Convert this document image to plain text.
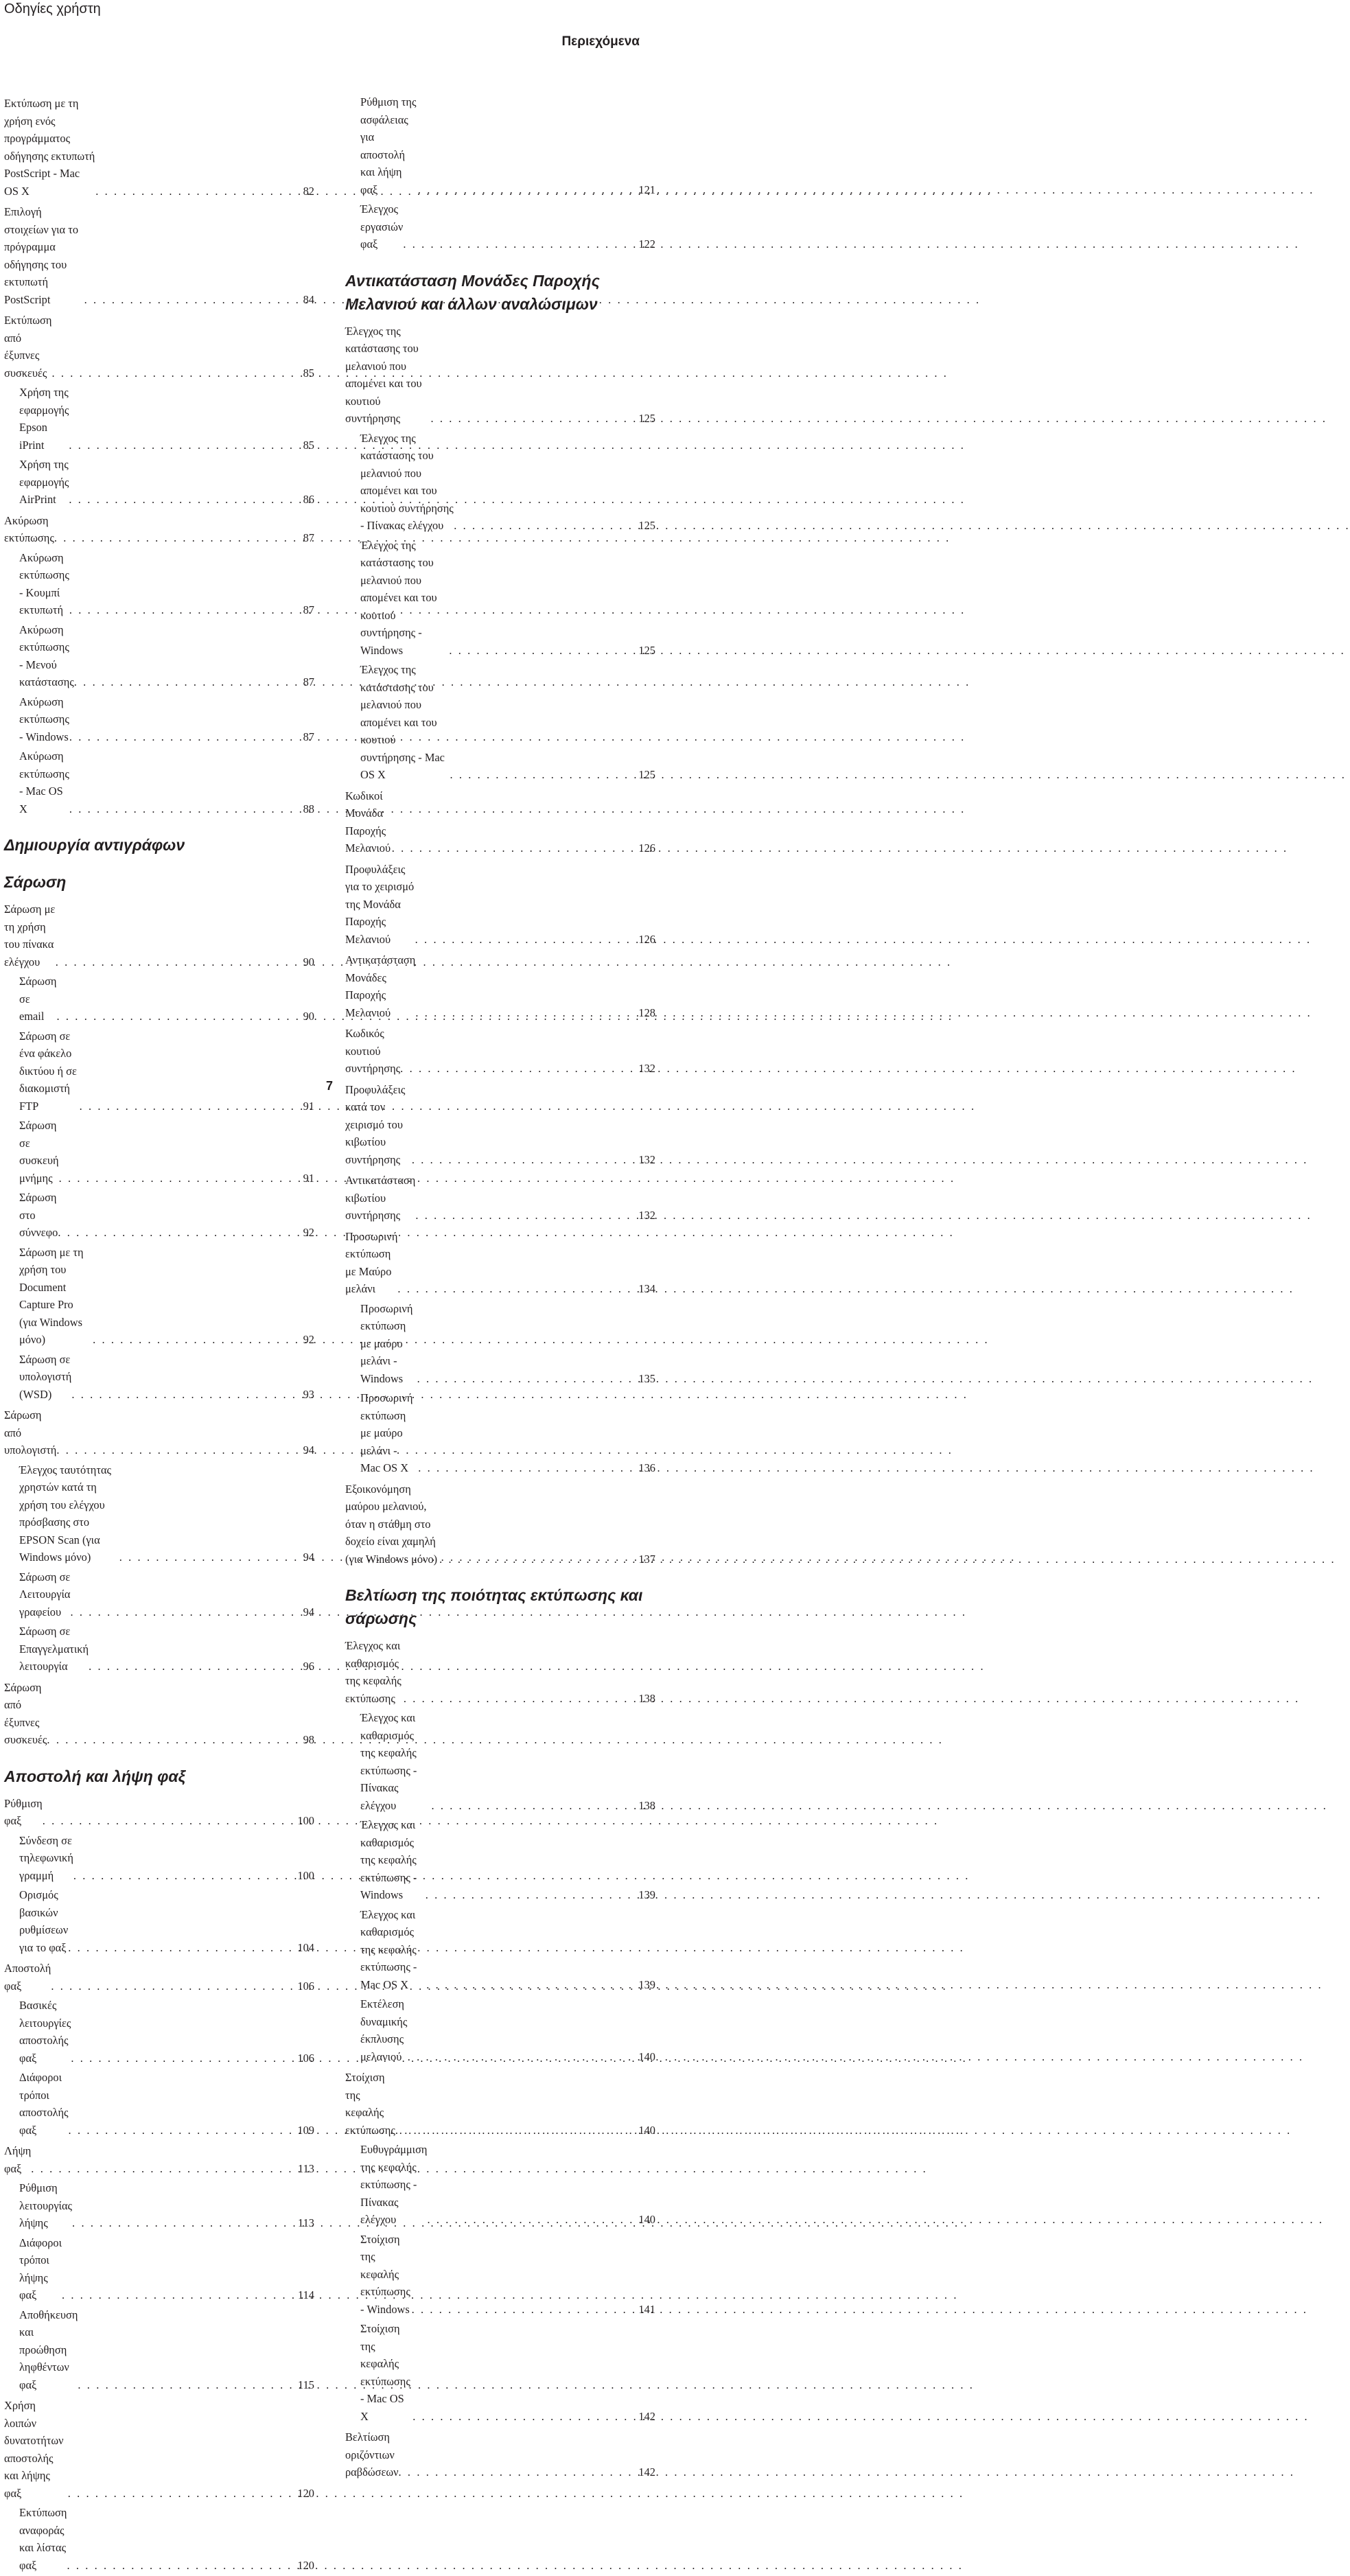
Οδηγίες χρήστη
Περιεχόμενα
Εκτύπωση με τη χρήση ενός προγράμματος οδήγησης εκτυπωτή PostScript - Mac OS X . . .	82
Επιλογή στοιχείων για το πρόγραμμα οδήγησης του εκτυπωτή PostScript . . .	84
Εκτύπωση από έξυπνες συσκευές . . .	85
Χρήση της εφαρμογής Epson iPrint . . .	85
Χρήση της εφαρμογής AirPrint . . .	86
Ακύρωση εκτύπωσης . . .	87
Ακύρωση εκτύπωσης - Κουμπί εκτυπωτή . . .	87
Ακύρωση εκτύπωσης - Μενού κατάστασης . . .	87
Ακύρωση εκτύπωσης - Windows . . .	87
Ακύρωση εκτύπωσης - Mac OS X . . .	88
Δημιουργία αντιγράφων
Σάρωση
Σάρωση με τη χρήση του πίνακα ελέγχου . . .	90
Σάρωση σε email . . .	90
Σάρωση σε ένα φάκελο δικτύου ή σε διακομιστή FTP . . .	91
Σάρωση σε συσκευή μνήμης . . .	91
Σάρωση στο σύννεφο . . .	92
Σάρωση με τη χρήση του Document Capture Pro (για Windows μόνο) . . .	92
Σάρωση σε υπολογιστή (WSD) . . .	93
Σάρωση από υπολογιστή . . .	94
Έλεγχος ταυτότητας χρηστών κατά τη χρήση του ελέγχου πρόσβασης στο EPSON Scan (για Windows μόνο) . . .	94
Σάρωση σε Λειτουργία γραφείου . . .	94
Σάρωση σε Επαγγελματική λειτουργία . . .	96
Σάρωση από έξυπνες συσκευές . . .	98
Αποστολή και λήψη φαξ
Ρύθμιση φαξ . . .	100
Σύνδεση σε τηλεφωνική γραμμή . . .	100
Ορισμός βασικών ρυθμίσεων για το φαξ . . .	104
Αποστολή φαξ . . .	106
Βασικές λειτουργίες αποστολής φαξ . . .	106
Διάφοροι τρόποι αποστολής φαξ . . .	109
Λήψη φαξ . . .	113
Ρύθμιση λειτουργίας λήψης . . .	113
Διάφοροι τρόποι λήψης φαξ . . .	114
Αποθήκευση και προώθηση ληφθέντων φαξ . . .	115
Χρήση λοιπών δυνατοτήτων αποστολής και λήψης φαξ . . .	120
Εκτύπωση αναφοράς και λίστας φαξ . . .	120
Ρύθμιση της ασφάλειας για αποστολή και λήψη φαξ . . .	121
Έλεγχος εργασιών φαξ . . .	122
Αντικατάσταση Μονάδες Παροχής Μελανιού και άλλων αναλώσιμων
Έλεγχος της κατάστασης του μελανιού που απομένει και του κουτιού συντήρησης . . .	125
Έλεγχος της κατάστασης του μελανιού που απομένει και του κουτιού συντήρησης - Πίνακας ελέγχου . . .	125
Έλεγχος της κατάστασης του μελανιού που απομένει και του κουτιού συντήρησης - Windows . . .	125
Έλεγχος της κατάστασης του μελανιού που απομένει και του κουτιού συντήρησης - Mac OS X . . .	125
Κωδικοί Μονάδα Παροχής Μελανιού . . .	126
Προφυλάξεις για το χειρισμό της Μονάδα Παροχής Μελανιού . . .	126
Αντικατάσταση Μονάδες Παροχής Μελανιού . . .	128
Κωδικός κουτιού συντήρησης . . .	132
Προφυλάξεις κατά τον χειρισμό του κιβωτίου συντήρησης . . .	132
Αντικατάσταση κιβωτίου συντήρησης . . .	132
Προσωρινή εκτύπωση με Μαύρο μελάνι . . .	134
Προσωρινή εκτύπωση με μαύρο μελάνι - Windows . . .	135
Προσωρινή εκτύπωση με μαύρο μελάνι - Mac OS X . . .	136
Εξοικονόμηση μαύρου μελανιού, όταν η στάθμη στο δοχείο είναι χαμηλή (για Windows μόνο) . . .	137
Βελτίωση της ποιότητας εκτύπωσης και σάρωσης
Έλεγχος και καθαρισμός της κεφαλής εκτύπωσης . . .	138
Έλεγχος και καθαρισμός της κεφαλής εκτύπωσης - Πίνακας ελέγχου . . .	138
Έλεγχος και καθαρισμός της κεφαλής εκτύπωσης - Windows . . .	139
Έλεγχος και καθαρισμός της κεφαλής εκτύπωσης - Mac OS X . . .	139
Εκτέλεση δυναμικής έκπλυσης μελανιού . . .	140
Στοίχιση της κεφαλής εκτύπωσης . . .	140
Ευθυγράμμιση της κεφαλής εκτύπωσης - Πίνακας ελέγχου . . .	140
Στοίχιση της κεφαλής εκτύπωσης - Windows . . .	141
Στοίχιση της κεφαλής εκτύπωσης - Mac OS X . . .	142
Βελτίωση οριζόντιων ραβδώσεων . . .	142
7
